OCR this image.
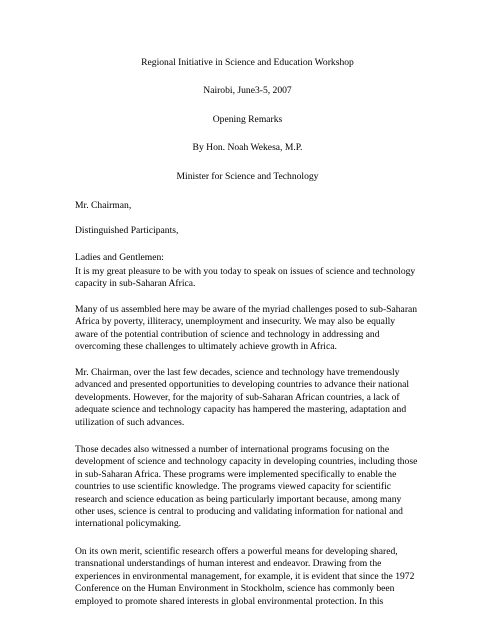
Regional Initiative in Science and Education Workshop
Nairobi, June3-5, 2007
Opening Remarks
By Hon. Noah Wekesa, M.P.
Minister for Science and Technology
Mr. Chairman,
Distinguished Participants,
Ladies and Gentlemen:
It is my great pleasure to be with you today to speak on issues of science and technology
capacity in sub-Saharan Africa.
Many of us assembled here may be aware of the myriad challenges posed to sub-Saharan
Africa by poverty, illiteracy, unemployment and insecurity. We may also be equally
aware of the potential contribution of science and technology in addressing and
overcoming these challenges to ultimately achieve growth in Africa.
Mr. Chairman, over the last few decades, science and technology have tremendously
advanced and presented opportunities to developing countries to advance their national
developments. However, for the majority of sub-Saharan African countries, a lack of
adequate science and technology capacity has hampered the mastering, adaptation and
utilization of such advances.
Those decades also witnessed a number of international programs focusing on the
development of science and technology capacity in developing countries, including those
in sub-Saharan Africa. These programs were implemented specifically to enable the
countries to use scientific knowledge. The programs viewed capacity for scientific
research and science education as being particularly important because, among many
other uses, science is central to producing and validating information for national and
international policymaking.
On its own merit, scientific research offers a powerful means for developing shared,
transnational understandings of human interest and endeavor. Drawing from the
experiences in environmental management, for example, it is evident that since the 1972
Conference on the Human Environment in Stockholm, science has commonly been
employed to promote shared interests in global environmental protection. In this
